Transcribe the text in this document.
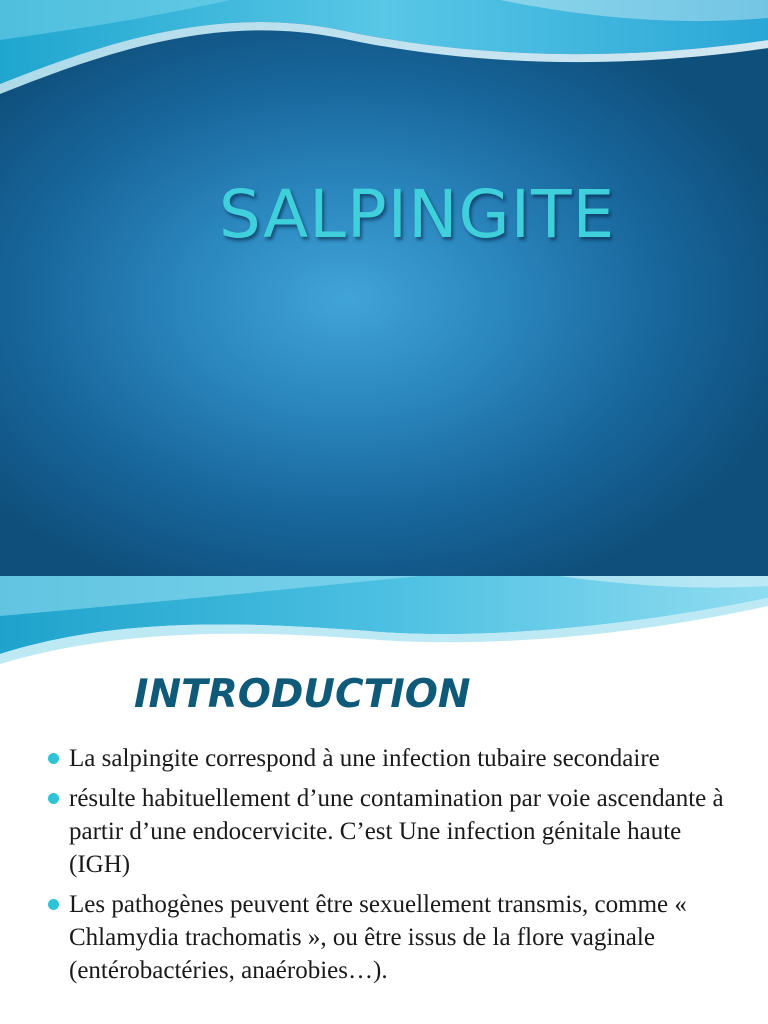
SALPINGITE
INTRODUCTION
La salpingite correspond à une infection tubaire secondaire
résulte habituellement d’une contamination par voie ascendante à partir d’une endocervicite. C’est Une infection génitale haute (IGH)
Les pathogènes peuvent être sexuellement transmis, comme « Chlamydia trachomatis », ou être issus de la flore vaginale (entérobactéries, anaérobies…).
